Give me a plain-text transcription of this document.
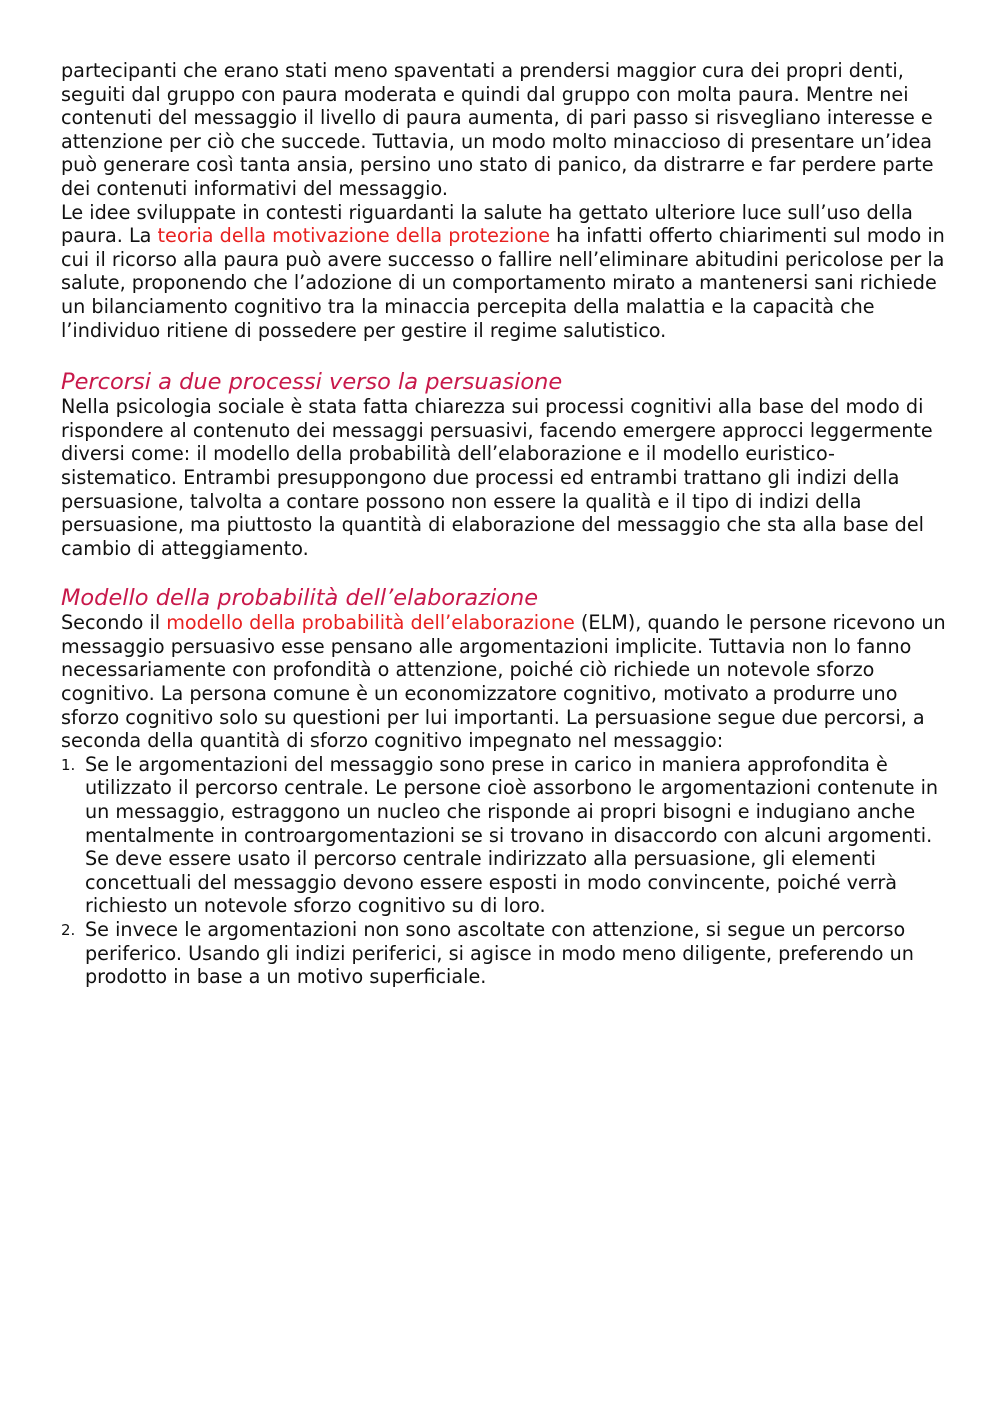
partecipanti che erano stati meno spaventati a prendersi maggior cura dei propri denti, seguiti dal gruppo con paura moderata e quindi dal gruppo con molta paura. Mentre nei contenuti del messaggio il livello di paura aumenta, di pari passo si risvegliano interesse e attenzione per ciò che succede. Tuttavia, un modo molto minaccioso di presentare un’idea può generare così tanta ansia, persino uno stato di panico, da distrarre e far perdere parte dei contenuti informativi del messaggio.

Le idee sviluppate in contesti riguardanti la salute ha gettato ulteriore luce sull’uso della paura. La teoria della motivazione della protezione ha infatti offerto chiarimenti sul modo in cui il ricorso alla paura può avere successo o fallire nell’eliminare abitudini pericolose per la salute, proponendo che l’adozione di un comportamento mirato a mantenersi sani richiede un bilanciamento cognitivo tra la minaccia percepita della malattia e la capacità che l’individuo ritiene di possedere per gestire il regime salutistico.

Percorsi a due processi verso la persuasione

Nella psicologia sociale è stata fatta chiarezza sui processi cognitivi alla base del modo di rispondere al contenuto dei messaggi persuasivi, facendo emergere approcci leggermente diversi come: il modello della probabilità dell’elaborazione e il modello euristico-sistematico. Entrambi presuppongono due processi ed entrambi trattano gli indizi della persuasione, talvolta a contare possono non essere la qualità e il tipo di indizi della persuasione, ma piuttosto la quantità di elaborazione del messaggio che sta alla base del cambio di atteggiamento.

Modello della probabilità dell’elaborazione

Secondo il modello della probabilità dell’elaborazione (ELM), quando le persone ricevono un messaggio persuasivo esse pensano alle argomentazioni implicite. Tuttavia non lo fanno necessariamente con profondità o attenzione, poiché ciò richiede un notevole sforzo cognitivo. La persona comune è un economizzatore cognitivo, motivato a produrre uno sforzo cognitivo solo su questioni per lui importanti. La persuasione segue due percorsi, a seconda della quantità di sforzo cognitivo impegnato nel messaggio:

1. Se le argomentazioni del messaggio sono prese in carico in maniera approfondita è utilizzato il percorso centrale. Le persone cioè assorbono le argomentazioni contenute in un messaggio, estraggono un nucleo che risponde ai propri bisogni e indugiano anche mentalmente in controargomentazioni se si trovano in disaccordo con alcuni argomenti. Se deve essere usato il percorso centrale indirizzato alla persuasione, gli elementi concettuali del messaggio devono essere esposti in modo convincente, poiché verrà richiesto un notevole sforzo cognitivo su di loro.
2. Se invece le argomentazioni non sono ascoltate con attenzione, si segue un percorso periferico. Usando gli indizi periferici, si agisce in modo meno diligente, preferendo un prodotto in base a un motivo superficiale.
